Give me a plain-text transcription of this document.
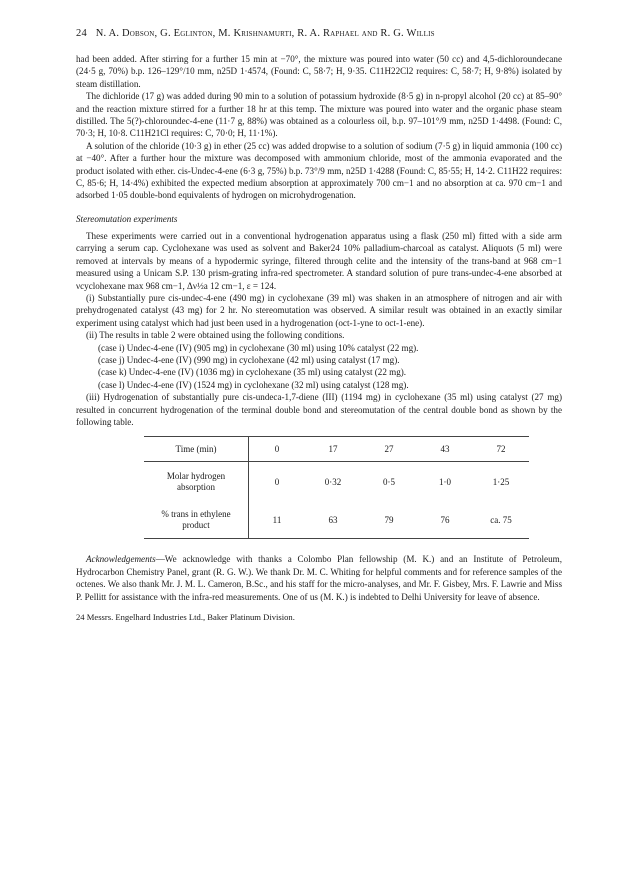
24 N. A. Dobson, G. Eglinton, M. Krishnamurti, R. A. Raphael and R. G. Willis

had been added. After stirring for a further 15 min at −70°, the mixture was poured into water (50 cc) and 4,5-dichloroundecane (24·5 g, 70%) b.p. 126–129°/10 mm, n25D 1·4574, (Found: C, 58·7; H, 9·35. C11H22Cl2 requires: C, 58·7; H, 9·8%) isolated by steam distillation.

The dichloride (17 g) was added during 90 min to a solution of potassium hydroxide (8·5 g) in n-propyl alcohol (20 cc) at 85–90° and the reaction mixture stirred for a further 18 hr at this temp. The mixture was poured into water and the organic phase steam distilled. The 5(?)-chloroundec-4-ene (11·7 g, 88%) was obtained as a colourless oil, b.p. 97–101°/9 mm, n25D 1·4498. (Found: C, 70·3; H, 10·8. C11H21Cl requires: C, 70·0; H, 11·1%).

A solution of the chloride (10·3 g) in ether (25 cc) was added dropwise to a solution of sodium (7·5 g) in liquid ammonia (100 cc) at −40°. After a further hour the mixture was decomposed with ammonium chloride, most of the ammonia evaporated and the product isolated with ether. cis-Undec-4-ene (6·3 g, 75%) b.p. 73°/9 mm, n25D 1·4288 (Found: C, 85·55; H, 14·2. C11H22 requires: C, 85·6; H, 14·4%) exhibited the expected medium absorption at approximately 700 cm−1 and no absorption at ca. 970 cm−1 and adsorbed 1·05 double-bond equivalents of hydrogen on microhydrogenation.

Stereomutation experiments

These experiments were carried out in a conventional hydrogenation apparatus using a flask (250 ml) fitted with a side arm carrying a serum cap. Cyclohexane was used as solvent and Baker24 10% palladium-charcoal as catalyst. Aliquots (5 ml) were removed at intervals by means of a hypodermic syringe, filtered through celite and the intensity of the trans-band at 968 cm−1 measured using a Unicam S.P. 130 prism-grating infra-red spectrometer. A standard solution of pure trans-undec-4-ene absorbed at νcyclohexane max 968 cm−1, Δν½a 12 cm−1, ε = 124.

(i) Substantially pure cis-undec-4-ene (490 mg) in cyclohexane (39 ml) was shaken in an atmosphere of nitrogen and air with prehydrogenated catalyst (43 mg) for 2 hr. No stereomutation was observed. A similar result was obtained in an exactly similar experiment using catalyst which had just been used in a hydrogenation (oct-1-yne to oct-1-ene).

(ii) The results in table 2 were obtained using the following conditions.

(case i) Undec-4-ene (IV) (905 mg) in cyclohexane (30 ml) using 10% catalyst (22 mg).
(case j) Undec-4-ene (IV) (990 mg) in cyclohexane (42 ml) using catalyst (17 mg).
(case k) Undec-4-ene (IV) (1036 mg) in cyclohexane (35 ml) using catalyst (22 mg).
(case l) Undec-4-ene (IV) (1524 mg) in cyclohexane (32 ml) using catalyst (128 mg).

(iii) Hydrogenation of substantially pure cis-undeca-1,7-diene (III) (1194 mg) in cyclohexane (35 ml) using catalyst (27 mg) resulted in concurrent hydrogenation of the terminal double bond and stereomutation of the central double bond as shown by the following table.

Time (min)	0	17	27	43	72

Molar hydrogen
absorption	0	0·32	0·5	1·0	1·25

% trans in ethylene
product	11	63	79	76	ca. 75

Acknowledgements—We acknowledge with thanks a Colombo Plan fellowship (M. K.) and an Institute of Petroleum, Hydrocarbon Chemistry Panel, grant (R. G. W.). We thank Dr. M. C. Whiting for helpful comments and for reference samples of the octenes. We also thank Mr. J. M. L. Cameron, B.Sc., and his staff for the micro-analyses, and Mr. F. Gisbey, Mrs. F. Lawrie and Miss P. Pellitt for assistance with the infra-red measurements. One of us (M. K.) is indebted to Delhi University for leave of absence.

24 Messrs. Engelhard Industries Ltd., Baker Platinum Division.
